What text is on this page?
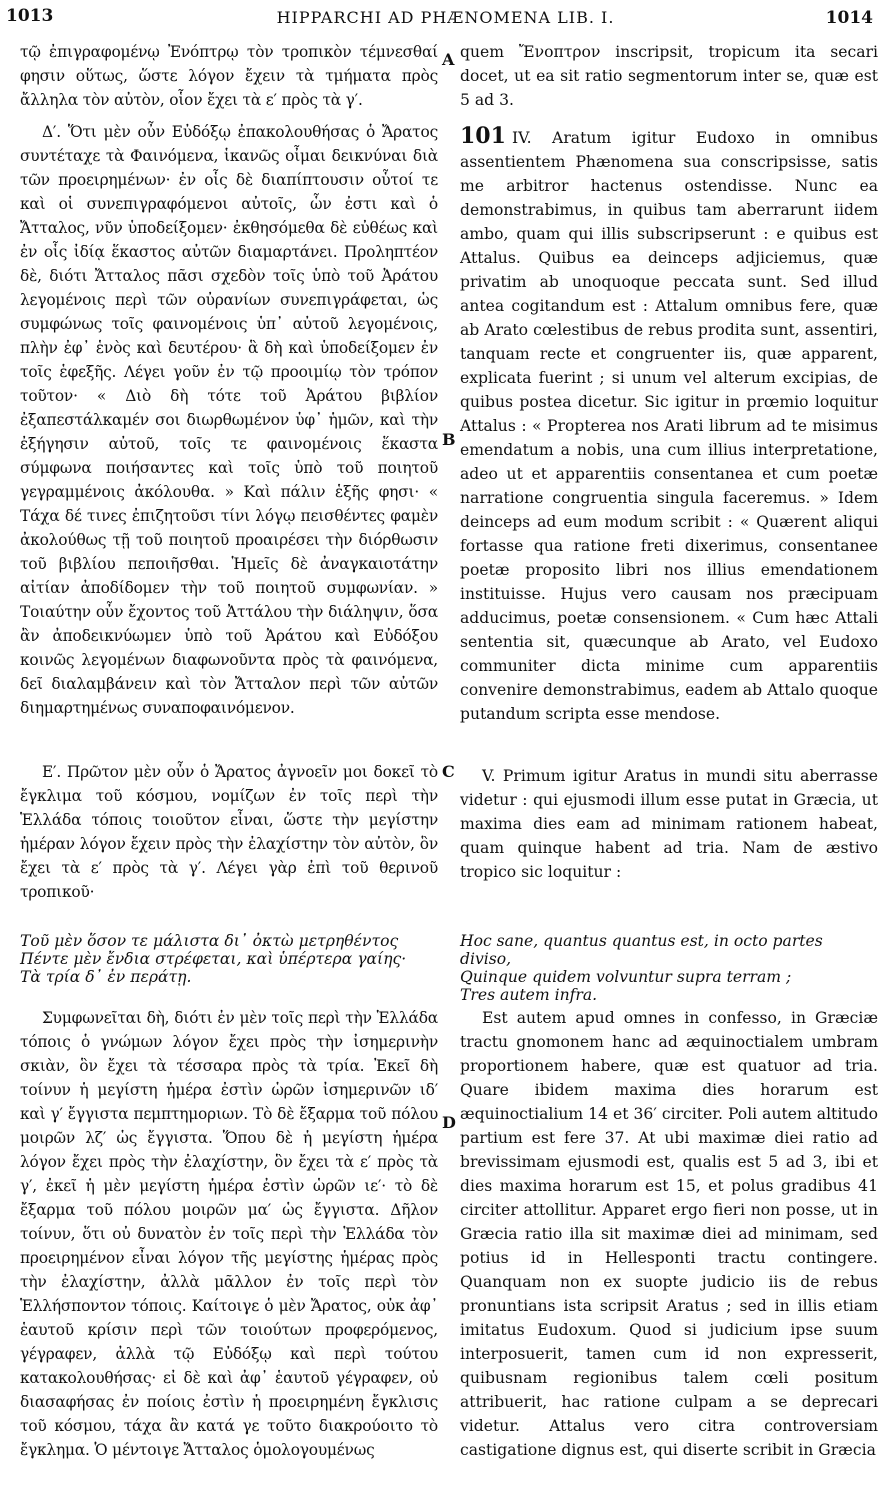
1013	HIPPARCHI AD PHÆNOMENA LIB. I.	1014
A
B
C
D

τῷ ἐπιγραφομένῳ Ἐνόπτρῳ τὸν τροπικὸν τέμνεσθαί φησιν οὕτως, ὥστε λόγον ἔχειν τὰ τμήματα πρὸς ἄλληλα τὸν αὐτὸν, οἷον ἔχει τὰ ε′ πρὸς τὰ γ′.

Δ′. Ὅτι μὲν οὖν Εὐδόξῳ ἐπακολουθήσας ὁ Ἄρατος συντέταχε τὰ Φαινόμενα, ἱκανῶς οἶμαι δεικνύναι διὰ τῶν προειρημένων· ἐν οἷς δὲ διαπίπτουσιν οὗτοί τε καὶ οἱ συνεπιγραφόμενοι αὐτοῖς, ὧν ἐστι καὶ ὁ Ἄτταλος, νῦν ὑποδείξομεν· ἐκθησόμεθα δὲ εὐθέως καὶ ἐν οἷς ἰδίᾳ ἕκαστος αὐτῶν διαμαρτάνει. Προληπτέον δὲ, διότι Ἄτταλος πᾶσι σχεδὸν τοῖς ὑπὸ τοῦ Ἀράτου λεγομένοις περὶ τῶν οὐρανίων συνεπιγράφεται, ὡς συμφώνως τοῖς φαινομένοις ὑπ᾿ αὐτοῦ λεγομένοις, πλὴν ἐφ᾿ ἑνὸς καὶ δευτέρου· ἃ δὴ καὶ ὑποδείξομεν ἐν τοῖς ἑφεξῆς. Λέγει γοῦν ἐν τῷ προοιμίῳ τὸν τρόπον τοῦτον· « Διὸ δὴ τότε τοῦ Ἀράτου βιβλίον ἐξαπεστάλκαμέν σοι διωρθωμένον ὑφ᾿ ἡμῶν, καὶ τὴν ἐξήγησιν αὐτοῦ, τοῖς τε φαινομένοις ἕκαστα σύμφωνα ποιήσαντες καὶ τοῖς ὑπὸ τοῦ ποιητοῦ γεγραμμένοις ἀκόλουθα. » Καὶ πάλιν ἑξῆς φησι· « Τάχα δέ τινες ἐπιζητοῦσι τίνι λόγῳ πεισθέντες φαμὲν ἀκολούθως τῇ τοῦ ποιητοῦ προαιρέσει τὴν διόρθωσιν τοῦ βιβλίου πεποιῆσθαι. Ἡμεῖς δὲ ἀναγκαιοτάτην αἰτίαν ἀποδίδομεν τὴν τοῦ ποιητοῦ συμφωνίαν. » Τοιαύτην οὖν ἔχοντος τοῦ Ἀττάλου τὴν διάληψιν, ὅσα ἂν ἀποδεικνύωμεν ὑπὸ τοῦ Ἀράτου καὶ Εὐδόξου κοινῶς λεγομένων διαφωνοῦντα πρὸς τὰ φαινόμενα, δεῖ διαλαμβάνειν καὶ τὸν Ἄτταλον περὶ τῶν αὐτῶν διημαρτημένως συναποφαινόμενον.

Ε′. Πρῶτον μὲν οὖν ὁ Ἄρατος ἀγνοεῖν μοι δοκεῖ τὸ ἔγκλιμα τοῦ κόσμου, νομίζων ἐν τοῖς περὶ τὴν Ἑλλάδα τόποις τοιοῦτον εἶναι, ὥστε τὴν μεγίστην ἡμέραν λόγον ἔχειν πρὸς τὴν ἐλαχίστην τὸν αὐτὸν, ὃν ἔχει τὰ ε′ πρὸς τὰ γ′. Λέγει γὰρ ἐπὶ τοῦ θερινοῦ τροπικοῦ·

Τοῦ μὲν ὅσον τε μάλιστα δι᾿ ὀκτὼ μετρηθέντος

Πέντε μὲν ἔνδια στρέφεται, καὶ ὑπέρτερα γαίης·

Τὰ τρία δ᾿ ἐν περάτῃ.

Συμφωνεῖται δὴ, διότι ἐν μὲν τοῖς περὶ τὴν Ἑλλάδα τόποις ὁ γνώμων λόγον ἔχει πρὸς τὴν ἰσημερινὴν σκιὰν, ὃν ἔχει τὰ τέσσαρα πρὸς τὰ τρία. Ἐκεῖ δὴ τοίνυν ἡ μεγίστη ἡμέρα ἐστὶν ὡρῶν ἰσημερινῶν ιδ′ καὶ γ′ ἔγγιστα πεμπτημοριων. Τὸ δὲ ἔξαρμα τοῦ πόλου μοιρῶν λζ′ ὡς ἔγγιστα. Ὅπου δὲ ἡ μεγίστη ἡμέρα λόγον ἔχει πρὸς τὴν ἐλαχίστην, ὃν ἔχει τὰ ε′ πρὸς τὰ γ′, ἐκεῖ ἡ μὲν μεγίστη ἡμέρα ἐστὶν ὡρῶν ιε′· τὸ δὲ ἔξαρμα τοῦ πόλου μοιρῶν μα′ ὡς ἔγγιστα. Δῆλον τοίνυν, ὅτι οὐ δυνατὸν ἐν τοῖς περὶ τὴν Ἑλλάδα τὸν προειρημένον εἶναι λόγον τῆς μεγίστης ἡμέρας πρὸς τὴν ἐλαχίστην, ἀλλὰ μᾶλλον ἐν τοῖς περὶ τὸν Ἑλλήσποντον τόποις. Καίτοιγε ὁ μὲν Ἄρατος, οὐκ ἀφ᾿ ἑαυτοῦ κρίσιν περὶ τῶν τοιούτων προφερόμενος, γέγραφεν, ἀλλὰ τῷ Εὐδόξῳ καὶ περὶ τούτου κατακολουθήσας· εἰ δὲ καὶ ἀφ᾿ ἑαυτοῦ γέγραφεν, οὐ διασαφήσας ἐν ποίοις ἐστὶν ἡ προειρημένη ἔγκλισις τοῦ κόσμου, τάχα ἂν κατά γε τοῦτο διακρούοιτο τὸ ἔγκλημα. Ὁ μέντοιγε Ἄτταλος ὁμολογουμένως

quem Ἔνοπτρον inscripsit, tropicum ita secari docet, ut ea sit ratio segmentorum inter se, quæ est 5 ad 3.

101 IV. Aratum igitur Eudoxo in omnibus assentientem Phænomena sua conscripsisse, satis me arbitror hactenus ostendisse. Nunc ea demonstrabimus, in quibus tam aberrarunt iidem ambo, quam qui illis subscripserunt : e quibus est Attalus. Quibus ea deinceps adjiciemus, quæ privatim ab unoquoque peccata sunt. Sed illud antea cogitandum est : Attalum omnibus fere, quæ ab Arato cœlestibus de rebus prodita sunt, assentiri, tanquam recte et congruenter iis, quæ apparent, explicata fuerint ; si unum vel alterum excipias, de quibus postea dicetur. Sic igitur in prœmio loquitur Attalus : « Propterea nos Arati librum ad te misimus emendatum a nobis, una cum illius interpretatione, adeo ut et apparentiis consentanea et cum poetæ narratione congruentia singula faceremus. » Idem deinceps ad eum modum scribit : « Quærent aliqui fortasse qua ratione freti dixerimus, consentanee poetæ proposito libri nos illius emendationem instituisse. Hujus vero causam nos præcipuam adducimus, poetæ consensionem. « Cum hæc Attali sententia sit, quæcunque ab Arato, vel Eudoxo communiter dicta minime cum apparentiis convenire demonstrabimus, eadem ab Attalo quoque putandum scripta esse mendose.

V. Primum igitur Aratus in mundi situ aberrasse videtur : qui ejusmodi illum esse putat in Græcia, ut maxima dies eam ad minimam rationem habeat, quam quinque habent ad tria. Nam de æstivo tropico sic loquitur :

Hoc sane, quantus quantus est, in octo partes diviso,

Quinque quidem volvuntur supra terram ;

Tres autem infra.

Est autem apud omnes in confesso, in Græciæ tractu gnomonem hanc ad æquinoctialem umbram proportionem habere, quæ est quatuor ad tria. Quare ibidem maxima dies horarum est æquinoctialium 14 et 36′ circiter. Poli autem altitudo partium est fere 37. At ubi maximæ diei ratio ad brevissimam ejusmodi est, qualis est 5 ad 3, ibi et dies maxima horarum est 15, et polus gradibus 41 circiter attollitur. Apparet ergo fieri non posse, ut in Græcia ratio illa sit maximæ diei ad minimam, sed potius id in Hellesponti tractu contingere. Quanquam non ex suopte judicio iis de rebus pronuntians ista scripsit Aratus ; sed in illis etiam imitatus Eudoxum. Quod si judicium ipse suum interposuerit, tamen cum id non expresserit, quibusnam regionibus talem cœli positum attribuerit, hac ratione culpam a se deprecari videtur. Attalus vero citra controversiam castigatione dignus est, qui diserte scribit in Græcia
